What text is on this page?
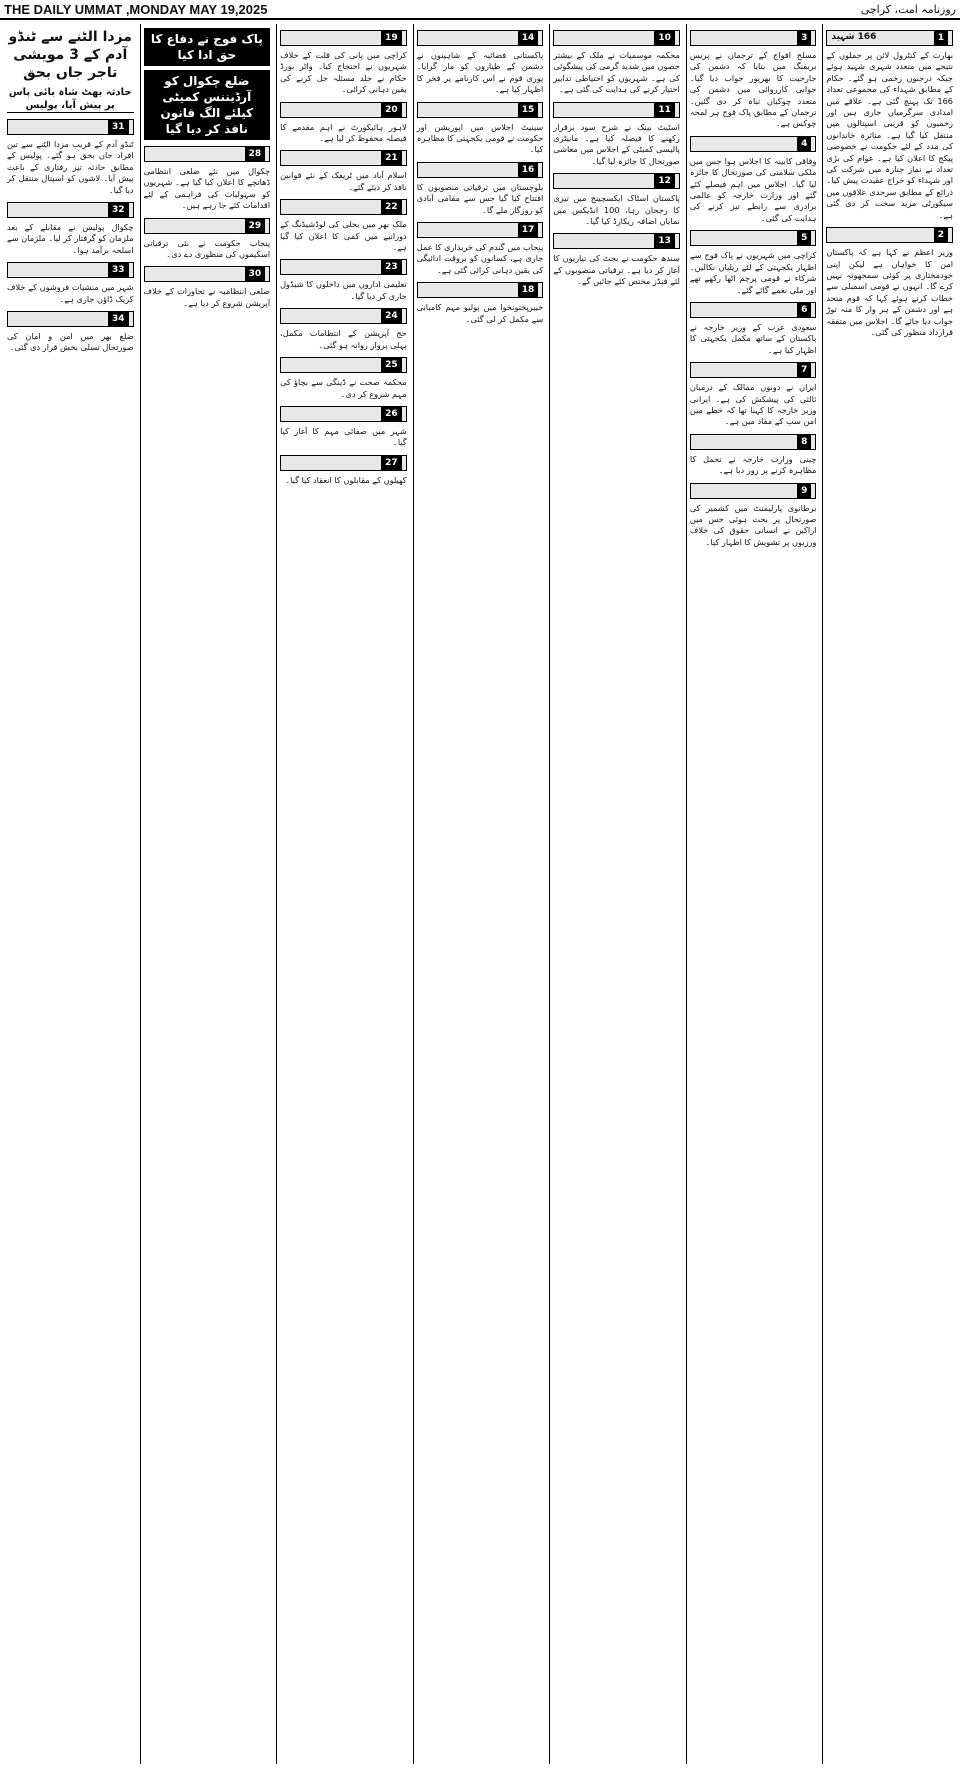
THE DAILY UMMAT ,MONDAY MAY 19,2025	روزنامہ امت، کراچی
1
166 شہید

بھارت کے کنٹرول لائن پر حملوں کے نتیجے میں متعدد شہری شہید ہوئے جبکہ درجنوں زخمی ہو گئے۔ حکام کے مطابق شہداء کی مجموعی تعداد 166 تک پہنچ گئی ہے۔ علاقے میں امدادی سرگرمیاں جاری ہیں اور زخمیوں کو قریبی اسپتالوں میں منتقل کیا گیا ہے۔ متاثرہ خاندانوں کی مدد کے لئے حکومت نے خصوصی پیکج کا اعلان کیا ہے۔ عوام کی بڑی تعداد نے نماز جنازہ میں شرکت کی اور شہداء کو خراج عقیدت پیش کیا۔ ذرائع کے مطابق سرحدی علاقوں میں سیکورٹی مزید سخت کر دی گئی ہے۔

2

وزیر اعظم نے کہا ہے کہ پاکستان امن کا خواہاں ہے لیکن اپنی خودمختاری پر کوئی سمجھوتہ نہیں کرے گا۔ انہوں نے قومی اسمبلی سے خطاب کرتے ہوئے کہا کہ قوم متحد ہے اور دشمن کے ہر وار کا منہ توڑ جواب دیا جائے گا۔ اجلاس میں متفقہ قرارداد منظور کی گئی۔

3

مسلح افواج کے ترجمان نے پریس بریفنگ میں بتایا کہ دشمن کی جارحیت کا بھرپور جواب دیا گیا۔ جوابی کارروائی میں دشمن کی متعدد چوکیاں تباہ کر دی گئیں۔ ترجمان کے مطابق پاک فوج ہر لمحہ چوکس ہے۔

4

وفاقی کابینہ کا اجلاس ہوا جس میں ملکی سلامتی کی صورتحال کا جائزہ لیا گیا۔ اجلاس میں اہم فیصلے کئے گئے اور وزارت خارجہ کو عالمی برادری سے رابطے تیز کرنے کی ہدایت کی گئی۔

5

کراچی میں شہریوں نے پاک فوج سے اظہار یکجہتی کے لئے ریلیاں نکالیں۔ شرکاء نے قومی پرچم اٹھا رکھے تھے اور ملی نغمے گائے گئے۔

6

سعودی عرب کے وزیر خارجہ نے پاکستان کے ساتھ مکمل یکجہتی کا اظہار کیا ہے۔

7

ایران نے دونوں ممالک کے درمیان ثالثی کی پیشکش کی ہے۔ ایرانی وزیر خارجہ کا کہنا تھا کہ خطے میں امن سب کے مفاد میں ہے۔

8

چینی وزارت خارجہ نے تحمل کا مظاہرہ کرنے پر زور دیا ہے۔

9

برطانوی پارلیمنٹ میں کشمیر کی صورتحال پر بحث ہوئی جس میں اراکین نے انسانی حقوق کی خلاف ورزیوں پر تشویش کا اظہار کیا۔

10

محکمہ موسمیات نے ملک کے بیشتر حصوں میں شدید گرمی کی پیشگوئی کی ہے۔ شہریوں کو احتیاطی تدابیر اختیار کرنے کی ہدایت کی گئی ہے۔

11

اسٹیٹ بینک نے شرح سود برقرار رکھنے کا فیصلہ کیا ہے۔ مانیٹری پالیسی کمیٹی کے اجلاس میں معاشی صورتحال کا جائزہ لیا گیا۔

12

پاکستان اسٹاک ایکسچینج میں تیزی کا رجحان رہا، 100 انڈیکس میں نمایاں اضافہ ریکارڈ کیا گیا۔

13

سندھ حکومت نے بجٹ کی تیاریوں کا آغاز کر دیا ہے۔ ترقیاتی منصوبوں کے لئے فنڈز مختص کئے جائیں گے۔

14

پاکستانی فضائیہ کے شاہینوں نے دشمن کے طیاروں کو مار گرایا۔ پوری قوم نے اس کارنامے پر فخر کا اظہار کیا ہے۔

15

سینیٹ اجلاس میں اپوزیشن اور حکومت نے قومی یکجہتی کا مظاہرہ کیا۔

16

بلوچستان میں ترقیاتی منصوبوں کا افتتاح کیا گیا جس سے مقامی آبادی کو روزگار ملے گا۔

17

پنجاب میں گندم کی خریداری کا عمل جاری ہے، کسانوں کو بروقت ادائیگی کی یقین دہانی کرائی گئی ہے۔

18

خیبرپختونخوا میں پولیو مہم کامیابی سے مکمل کر لی گئی۔

19

کراچی میں پانی کی قلت کے خلاف شہریوں نے احتجاج کیا۔ واٹر بورڈ حکام نے جلد مسئلہ حل کرنے کی یقین دہانی کرائی۔

20

لاہور ہائیکورٹ نے اہم مقدمے کا فیصلہ محفوظ کر لیا ہے۔

21

اسلام آباد میں ٹریفک کے نئے قوانین نافذ کر دیئے گئے۔

22

ملک بھر میں بجلی کی لوڈشیڈنگ کے دورانیے میں کمی کا اعلان کیا گیا ہے۔

23

تعلیمی اداروں میں داخلوں کا شیڈول جاری کر دیا گیا۔

24

حج آپریشن کے انتظامات مکمل، پہلی پرواز روانہ ہو گئی۔

25

محکمہ صحت نے ڈینگی سے بچاؤ کی مہم شروع کر دی۔

26

شہر میں صفائی مہم کا آغاز کیا گیا۔

27

کھیلوں کے مقابلوں کا انعقاد کیا گیا۔

پاک فوج نے دفاع کا حق ادا کیا
ضلع چکوال کو آرڈیننس کمیٹی کیلئے الگ قانون نافذ کر دیا گیا
28

چکوال میں نئے ضلعی انتظامی ڈھانچے کا اعلان کیا گیا ہے۔ شہریوں کو سہولیات کی فراہمی کے لئے اقدامات کئے جا رہے ہیں۔

29

پنجاب حکومت نے نئی ترقیاتی اسکیموں کی منظوری دے دی۔

30

ضلعی انتظامیہ نے تجاوزات کے خلاف آپریشن شروع کر دیا ہے۔

مزدا الٹنے سے ٹنڈو آدم کے 3 مویشی تاجر جاں بحق
حادثہ بھٹ شاہ بائی پاس پر پیش آیا، پولیس
31

ٹنڈو آدم کے قریب مزدا الٹنے سے تین افراد جاں بحق ہو گئے۔ پولیس کے مطابق حادثہ تیز رفتاری کے باعث پیش آیا۔ لاشوں کو اسپتال منتقل کر دیا گیا۔

32

چکوال پولیس نے مقابلے کے بعد ملزمان کو گرفتار کر لیا۔ ملزمان سے اسلحہ برآمد ہوا۔

33

شہر میں منشیات فروشوں کے خلاف کریک ڈاؤن جاری ہے۔

34

ضلع بھر میں امن و امان کی صورتحال تسلی بخش قرار دی گئی۔
